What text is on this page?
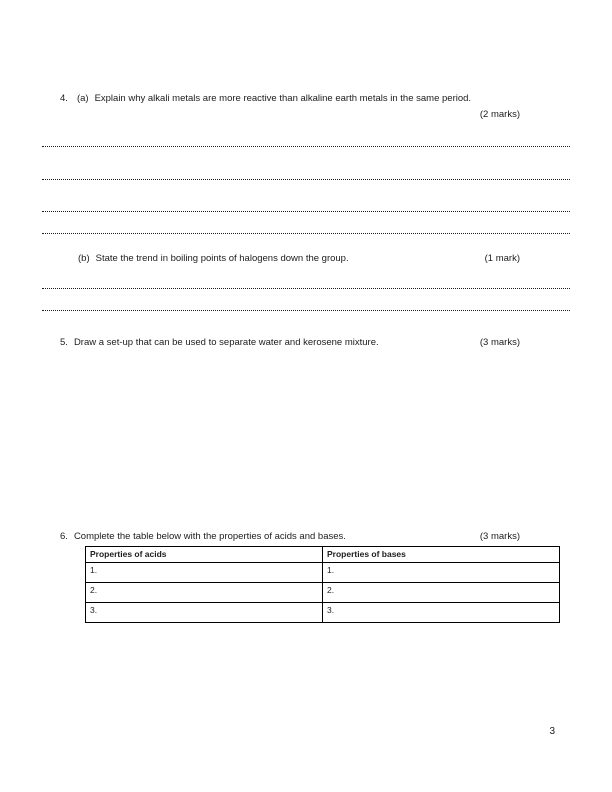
4. (a) Explain why alkali metals are more reactive than alkaline earth metals in the same period.
(2 marks)
(b) State the trend in boiling points of halogens down the group.	(1 mark)
5. Draw a set-up that can be used to separate water and kerosene mixture.	(3 marks)
6. Complete the table below with the properties of acids and bases.	(3 marks)
Properties of acids	Properties of bases
1.	1.
2.	2.
3.	3.
3
